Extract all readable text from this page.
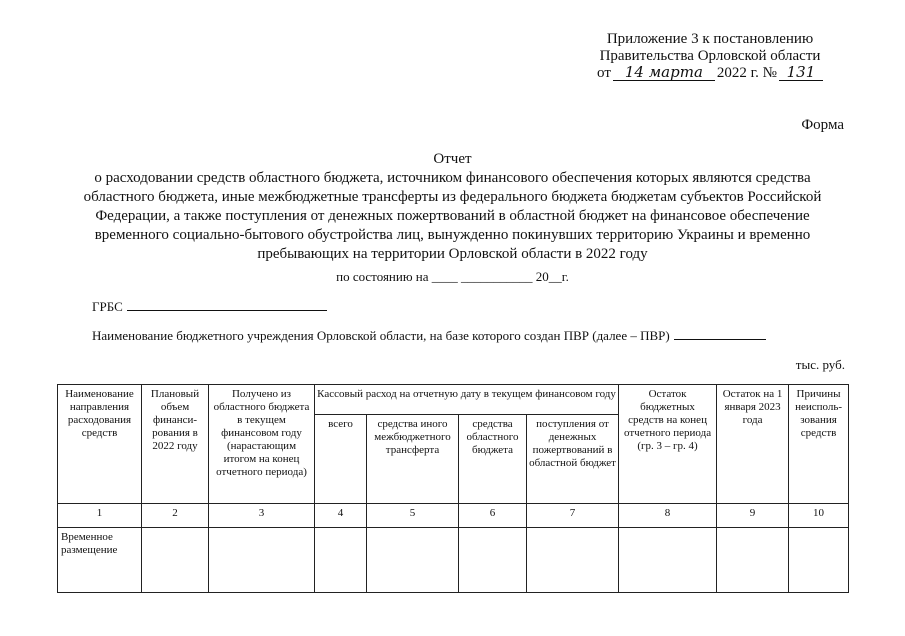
Приложение 3 к постановлению
Правительства Орловской области
от 14 марта 2022 г. № 131
Форма
Отчет
о расходовании средств областного бюджета, источником финансового обеспечения которых являются средства областного бюджета, иные межбюджетные трансферты из федерального бюджета бюджетам субъектов Российской Федерации, а также поступления от денежных пожертвований в областной бюджет на финансовое обеспечение временного социально-бытового обустройства лиц, вынужденно покинувших территорию Украины и временно пребывающих на территории Орловской области в 2022 году
по состоянию на ____ ___________ 20__г.
ГРБС
Наименование бюджетного учреждения Орловской области, на базе которого создан ПВР (далее – ПВР)
тыс. руб.
Наименование направления расходования средств	Плановый объем финанси-рования в 2022 году	Получено из областного бюджета в текущем финансовом году (нарастающим итогом на конец отчетного периода)	Кассовый расход на отчетную дату в текущем финансовом году				Остаток бюджетных средств на конец отчетного периода (гр. 3 – гр. 4)	Остаток на 1 января 2023 года	Причины неисполь-зования средств
			всего	средства иного межбюджетного трансферта	средства областного бюджета	поступления от денежных пожертвований в областной бюджет			
1	2	3	4	5	6	7	8	9	10
Временное размещение									
